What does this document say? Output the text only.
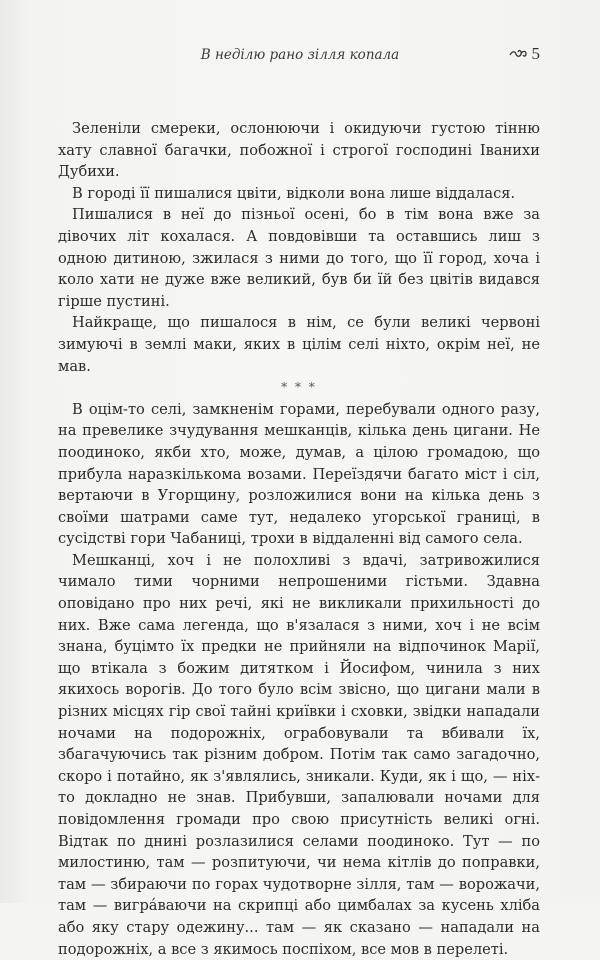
В неділю рано зілля копала	5

Зеленіли смереки, ослонюючи і окидуючи густою тінню хату славної багачки, побожної і строгої господині Іванихи Дубихи.

В городі її пишалися цвіти, відколи вона лише віддалася.

Пишалися в неї до пізньої осені, бо в тім вона вже за дівочих літ кохалася. А повдовівши та оставшись лиш з одною дитиною, зжилася з ними до того, що її город, хоча і коло хати не дуже вже великий, був би їй без цвітів видався гірше пустині.

Найкраще, що пишалося в нім, се були великі червоні зимуючі в землі маки, яких в цілім селі ніхто, окрім неї, не мав.

* * *

В оцім-то селі, замкненім горами, перебували одного разу, на превелике зчудування мешканців, кілька день цигани. Не поодиноко, якби хто, може, думав, а цілою громадою, що прибула наразкількома возами. Переїздячи багато міст і сіл, вертаючи в Угорщину, розложилися вони на кілька день з своїми шатрами саме тут, недалеко угорської границі, в сусідстві гори Чабаниці, трохи в віддаленні від самого села.

Мешканці, хоч і не полохливі з вдачі, затривожилися чимало тими чорними непрошеними гістьми. Здавна оповідано про них речі, які не викликали прихильності до них. Вже сама легенда, що в'язалася з ними, хоч і не всім знана, буцімто їх предки не прийняли на відпочинок Марії, що втікала з божим дитятком і Йосифом, чинила з них якихось ворогів. До того було всім звісно, що цигани мали в різних місцях гір свої тайні криївки і сховки, звідки нападали ночами на подорожніх, ограбовували та вбивали їх, збагачуючись так різним добром. Потім так само загадочно, скоро і потайно, як з'являлись, зникали. Куди, як і що, — ніхто докладно не знав. Прибувши, запалювали ночами для повідомлення громади про свою присутність великі огні. Відтак по днині розлазилися селами поодиноко. Тут — по милостиню, там — розпитуючи, чи нема кітлів до поправки, там — збираючи по горах чудотворне зілля, там — ворожачи, там — вигрáваючи на скрипці або цимбалах за кусень хліба або яку стару одежину... там — як сказано — нападали на подорожніх, а все з якимось поспіхом, все мов в перелеті.
